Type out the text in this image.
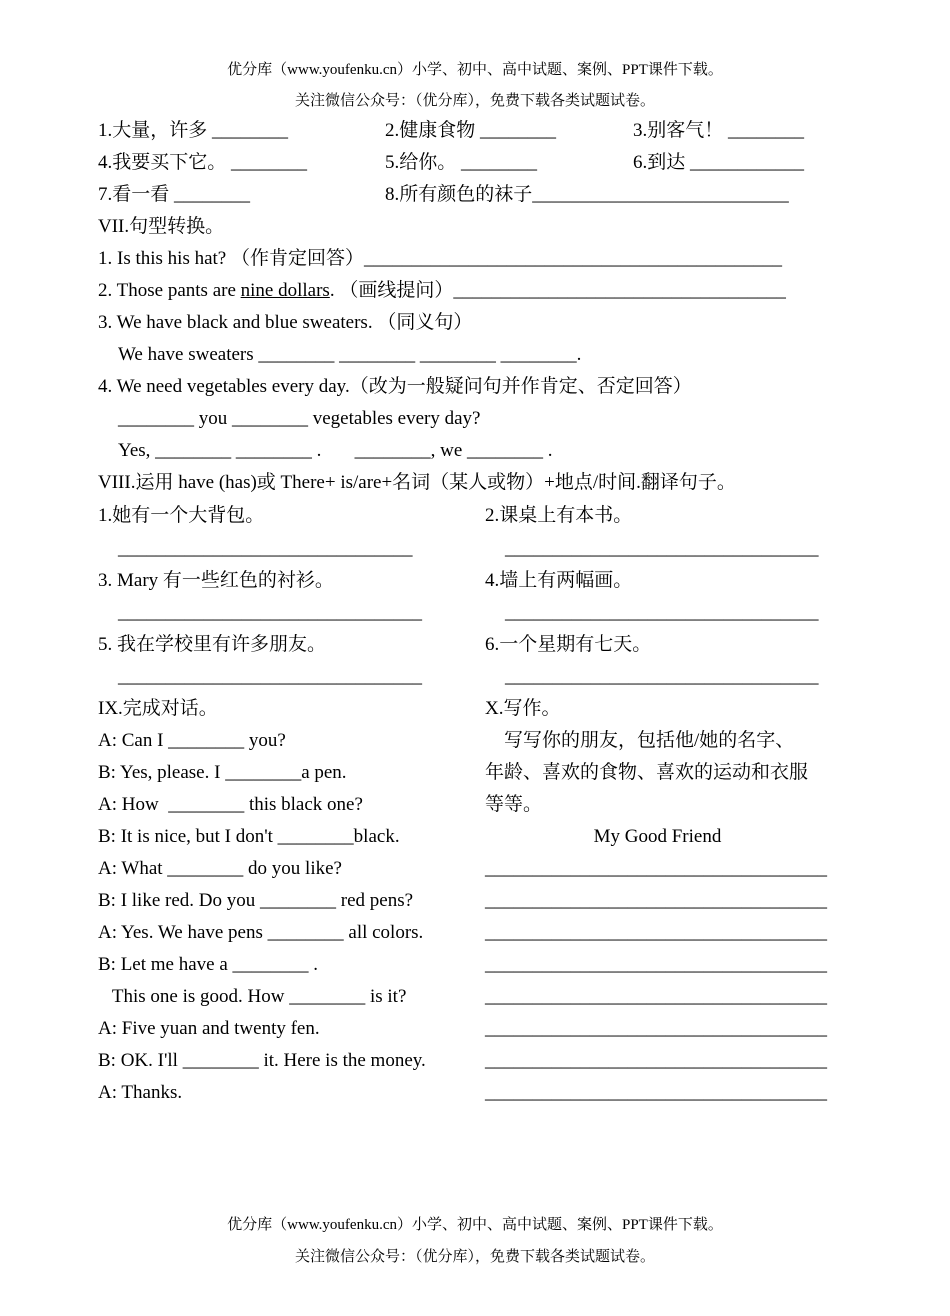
优分库（www.youfenku.cn）小学、初中、高中试题、案例、PPT课件下载。
关注微信公众号：（优分库），免费下载各类试题试卷。
1.大量，许多 ________	2.健康食物 ________	3.别客气！ ________
4.我要买下它。 ________	5.给你。 ________	6.到达 ____________
7.看一看 ________	8.所有颜色的袜子___________________________
VII.句型转换。
1. Is this his hat? （作肯定回答）____________________________________________
2. Those pants are nine dollars. （画线提问）___________________________________
3. We have black and blue sweaters. （同义句）
We have sweaters ________ ________ ________ ________.
4. We need vegetables every day.（改为一般疑问句并作肯定、否定回答）
________ you ________ vegetables every day?
Yes, ________ ________ .       ________, we ________ .
VIII.运用 have (has)或 There+ is/are+名词（某人或物）+地点/时间.翻译句子。
1.她有一个大背包。
_______________________________
2.课桌上有本书。
_________________________________
3. Mary 有一些红色的衬衫。
________________________________
4.墙上有两幅画。
_________________________________
5. 我在学校里有许多朋友。
________________________________
6.一个星期有七天。
_________________________________
IX.完成对话。
A: Can I ________ you?
B: Yes, please. I ________a pen.
A: How  ________ this black one?
B: It is nice, but I don't ________black.
A: What ________ do you like?
B: I like red. Do you ________ red pens?
A: Yes. We have pens ________ all colors.
B: Let me have a ________ .
This one is good. How ________ is it?
A: Five yuan and twenty fen.
B: OK. I'll ________ it. Here is the money.
A: Thanks.
X.写作。
写写你的朋友，包括他/她的名字、
年龄、喜欢的食物、喜欢的运动和衣服
等等。
My Good Friend
____________________________________
____________________________________
____________________________________
____________________________________
____________________________________
____________________________________
____________________________________
____________________________________
优分库（www.youfenku.cn）小学、初中、高中试题、案例、PPT课件下载。
关注微信公众号：（优分库），免费下载各类试题试卷。
